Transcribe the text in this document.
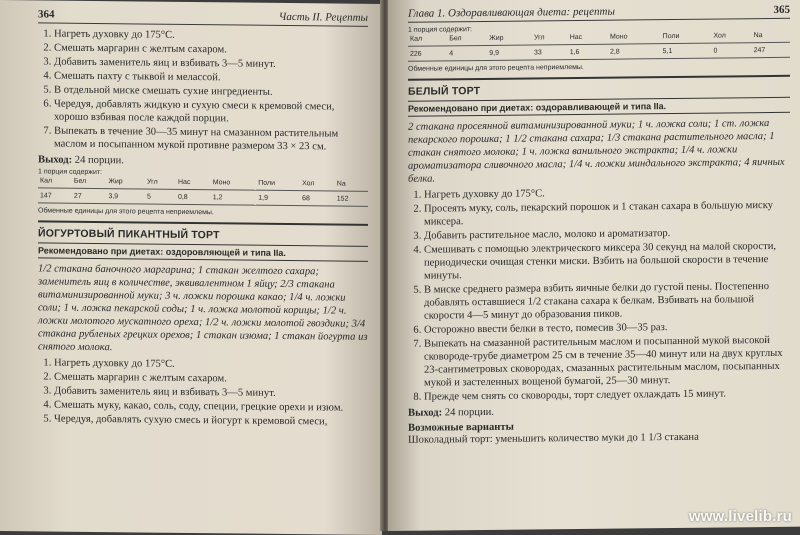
364	Часть II. Рецепты
1. Нагреть духовку до 175°C.
2. Смешать маргарин с желтым сахаром.
3. Добавить заменитель яиц и взбивать 3—5 минут.
4. Смешать пахту с тыквой и мелассой.
5. В отдельной миске смешать сухие ингредиенты.
6. Чередуя, добавлять жидкую и сухую смеси к кремовой смеси, хорошо взбивая после каждой порции.
7. Выпекать в течение 30—35 минут на смазанном растительным маслом и посыпанном мукой противне размером 33 × 23 см.
Выход: 24 порции.
1 порция содержит:
Кал	Бел	Жир	Угл	Нас	Моно	Поли	Хол	Na
147	27	3,9	5	0,8	1,2	1,9	68	152
Обменные единицы для этого рецепта неприемлемы.
ЙОГУРТОВЫЙ ПИКАНТНЫЙ ТОРТ
Рекомендовано при диетах: оздоровляющей и типа IIa.
1/2 стакана баночного маргарина; 1 стакан желтого сахара; заменитель яиц в количестве, эквивалентном 1 яйцу; 2/3 стакана витаминизированной муки; 3 ч. ложки порошка какао; 1/4 ч. ложки соли; 1 ч. ложка пекарской соды; 1 ч. ложка молотой корицы; 1/2 ч. ложки молотого мускатного ореха; 1/2 ч. ложки молотой гвоздики; 3/4 стакана рубленых грецких орехов; 1 стакан изюма; 1 стакан йогурта из снятого молока.
1. Нагреть духовку до 175°C.
2. Смешать маргарин с желтым сахаром.
3. Добавить заменитель яиц и взбивать 3—5 минут.
4. Смешать муку, какао, соль, соду, специи, грецкие орехи и изюм.
5. Чередуя, добавлять сухую смесь и йогурт к кремовой смеси,
Глава 1. Оздоравливающая диета: рецепты	365
1 порция содержит:
Кал	Бел	Жир	Угл	Нас	Моно	Поли	Хол	Na
226	4	9,9	33	1,6	2,8	5,1	0	247
Обменные единицы для этого рецепта неприемлемы.
БЕЛЫЙ ТОРТ
Рекомендовано при диетах: оздоравливающей и типа IIa.
2 стакана просеянной витаминизированной муки; 1 ч. ложка соли; 1 ст. ложка пекарского порошка; 1 1/2 стакана сахара; 1/3 стакана растительного масла; 1 стакан снятого молока; 1 ч. ложка ванильного экстракта; 1/4 ч. ложки ароматизатора сливочного масла; 1/4 ч. ложки миндального экстракта; 4 яичных белка.
1. Нагреть духовку до 175°C.
2. Просеять муку, соль, пекарский порошок и 1 стакан сахара в большую миску миксера.
3. Добавить растительное масло, молоко и ароматизатор.
4. Смешивать с помощью электрического миксера 30 секунд на малой скорости, периодически очищая стенки миски. Взбить на большой скорости в течение минуты.
5. В миске среднего размера взбить яичные белки до густой пены. Постепенно добавлять оставшиеся 1/2 стакана сахара к белкам. Взбивать на большой скорости 4—5 минут до образования пиков.
6. Осторожно ввести белки в тесто, помесив 30—35 раз.
7. Выпекать на смазанной растительным маслом и посыпанной мукой высокой сковороде-трубе диаметром 25 см в течение 35—40 минут или на двух круглых 23-сантиметровых сковородах, смазанных растительным маслом, посыпанных мукой и застеленных вощеной бумагой, 25—30 минут.
8. Прежде чем снять со сковороды, торт следует охлаждать 15 минут.
Выход: 24 порции.
Возможные варианты
Шоколадный торт: уменьшить количество муки до 1 1/3 стакана
www.livelib.ru
